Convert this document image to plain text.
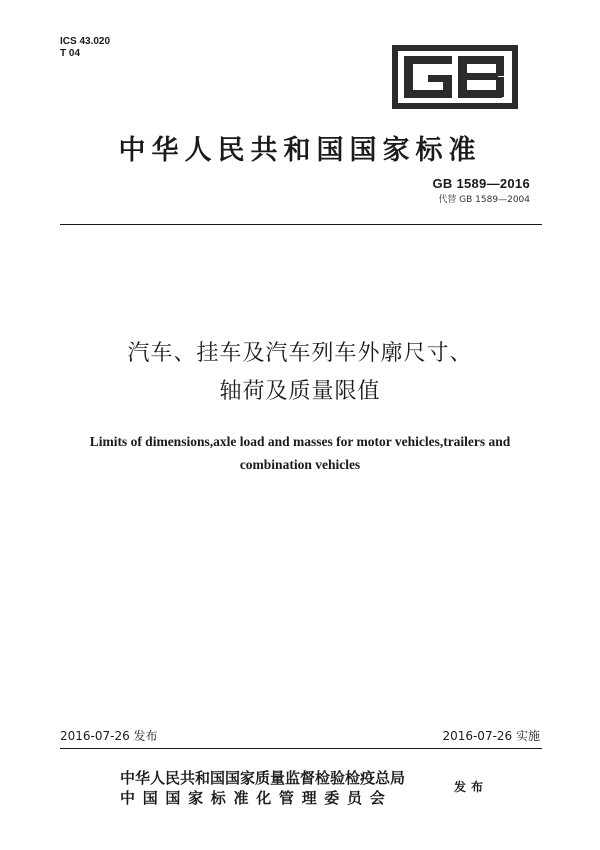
ICS 43.020
T 04
GB
中华人民共和国国家标准
GB 1589—2016
代替 GB 1589—2004
汽车、挂车及汽车列车外廓尺寸、
轴荷及质量限值
Limits of dimensions,axle load and masses for motor vehicles,trailers and
combination vehicles
2016-07-26 发布	2016-07-26 实施
中华人民共和国国家质量监督检验检疫总局
中国国家标准化管理委员会
发布
